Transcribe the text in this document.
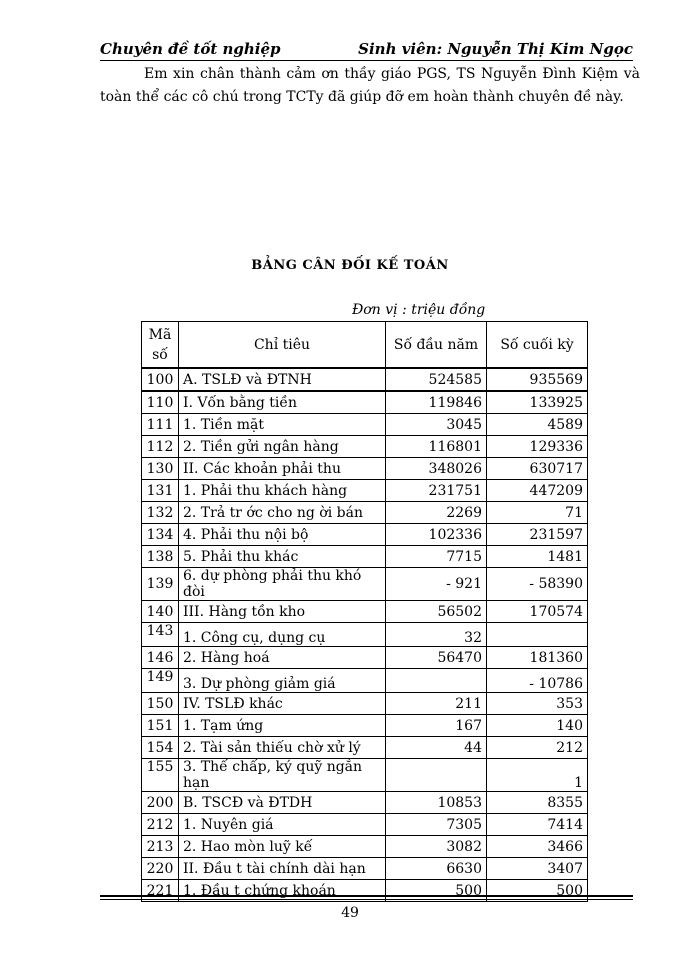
Chuyên đề tốt nghiệp	Sinh viên: Nguyễn Thị Kim Ngọc
Em xin chân thành cảm ơn thầy giáo PGS, TS Nguyễn Đình Kiệm và toàn thể các cô chú trong TCTy đã giúp đỡ em hoàn thành chuyên đề này.
BẢNG CÂN ĐỐI KẾ TOÁN
Đơn vị : triệu đồng
Mã số	Chỉ tiêu	Số đầu năm	Số cuối kỳ
100	A. TSLĐ và ĐTNH	524585	935569
110	I. Vốn bằng tiền	119846	133925
111	1. Tiền mặt	3045	4589
112	2. Tiền gửi ngân hàng	116801	129336
130	II. Các khoản phải thu	348026	630717
131	1. Phải thu khách hàng	231751	447209
132	2. Trả tr ớc cho ng ời bán	2269	71
134	4. Phải thu nội bộ	102336	231597
138	5. Phải thu khác	7715	1481
139	6. dự phòng phải thu khó đòi	- 921	- 58390
140	III. Hàng tồn kho	56502	170574
143	1. Công cụ, dụng cụ	32	
146	2. Hàng hoá	56470	181360
149	3. Dự phòng giảm giá		- 10786
150	IV. TSLĐ khác	211	353
151	1. Tạm ứng	167	140
154	2. Tài sản thiếu chờ xử lý	44	212
155	3. Thế chấp, ký quỹ ngắn hạn		1
200	B. TSCĐ và ĐTDH	10853	8355
212	1. Nuyên giá	7305	7414
213	2. Hao mòn luỹ kế	3082	3466
220	II. Đầu t tài chính dài hạn	6630	3407
221	1. Đầu t chứng khoán	500	500
49
